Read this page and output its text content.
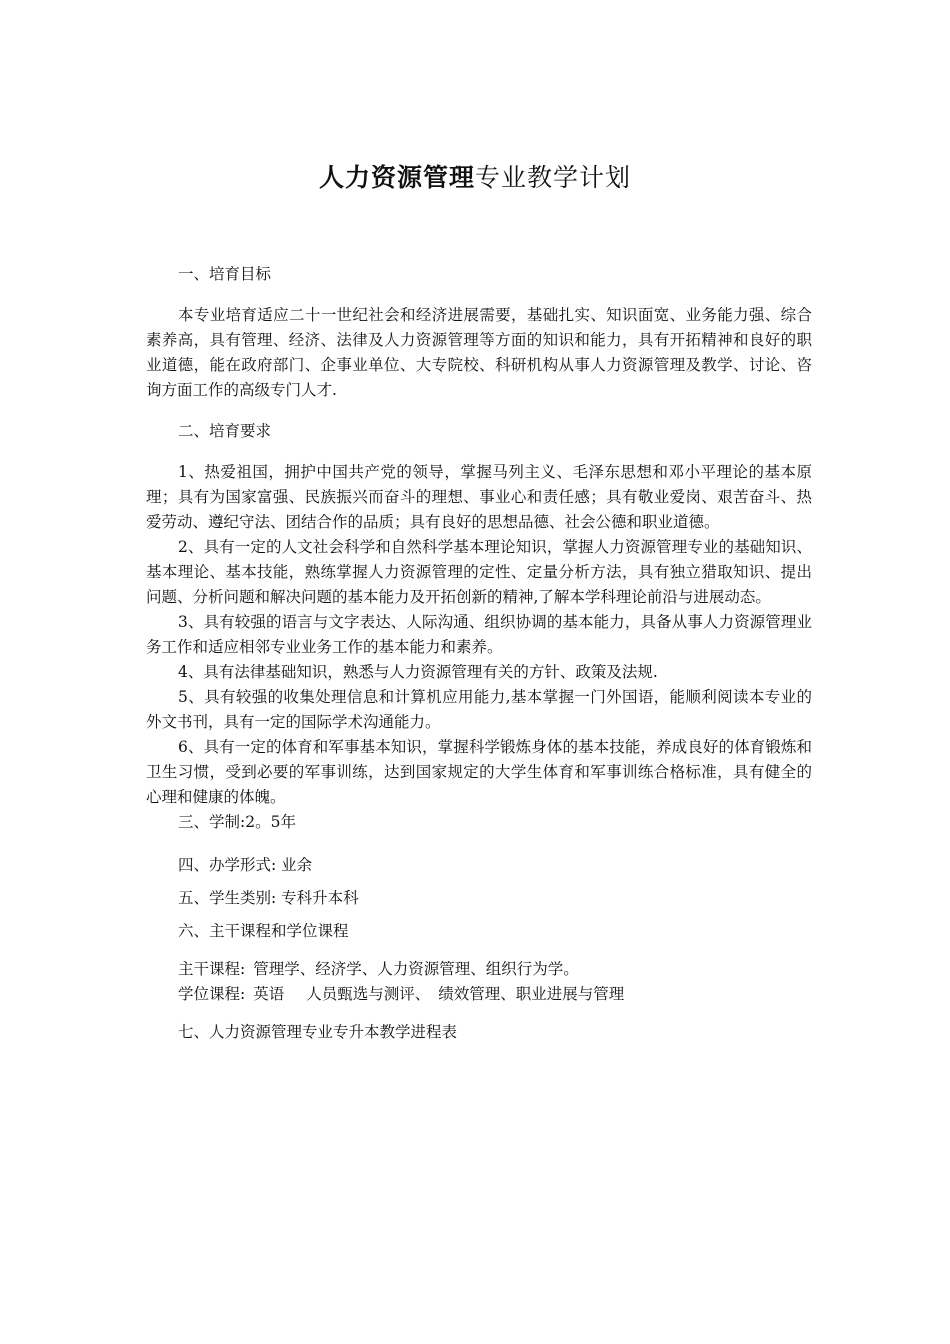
人力资源管理专业教学计划

一、培育目标

本专业培育适应二十一世纪社会和经济进展需要，基础扎实、知识面宽、业务能力强、综合素养高，具有管理、经济、法律及人力资源管理等方面的知识和能力，具有开拓精神和良好的职业道德，能在政府部门、企事业单位、大专院校、科研机构从事人力资源管理及教学、讨论、咨询方面工作的高级专门人才.

二、培育要求

1、热爱祖国，拥护中国共产党的领导，掌握马列主义、毛泽东思想和邓小平理论的基本原理；具有为国家富强、民族振兴而奋斗的理想、事业心和责任感；具有敬业爱岗、艰苦奋斗、热爱劳动、遵纪守法、团结合作的品质；具有良好的思想品德、社会公德和职业道德。

2、具有一定的人文社会科学和自然科学基本理论知识，掌握人力资源管理专业的基础知识、基本理论、基本技能，熟练掌握人力资源管理的定性、定量分析方法，具有独立猎取知识、提出问题、分析问题和解决问题的基本能力及开拓创新的精神,了解本学科理论前沿与进展动态。

3、具有较强的语言与文字表达、人际沟通、组织协调的基本能力，具备从事人力资源管理业务工作和适应相邻专业业务工作的基本能力和素养。

4、具有法律基础知识，熟悉与人力资源管理有关的方针、政策及法规.

5、具有较强的收集处理信息和计算机应用能力,基本掌握一门外国语，能顺利阅读本专业的外文书刊，具有一定的国际学术沟通能力。

6、具有一定的体育和军事基本知识，掌握科学锻炼身体的基本技能，养成良好的体育锻炼和卫生习惯，受到必要的军事训练，达到国家规定的大学生体育和军事训练合格标准，具有健全的心理和健康的体魄。

三、学制:2。5年

四、办学形式: 业余

五、学生类别: 专科升本科

六、主干课程和学位课程

主干课程: 管理学、经济学、人力资源管理、组织行为学。

学位课程: 英语 人员甄选与测评、 绩效管理、职业进展与管理

七、人力资源管理专业专升本教学进程表
